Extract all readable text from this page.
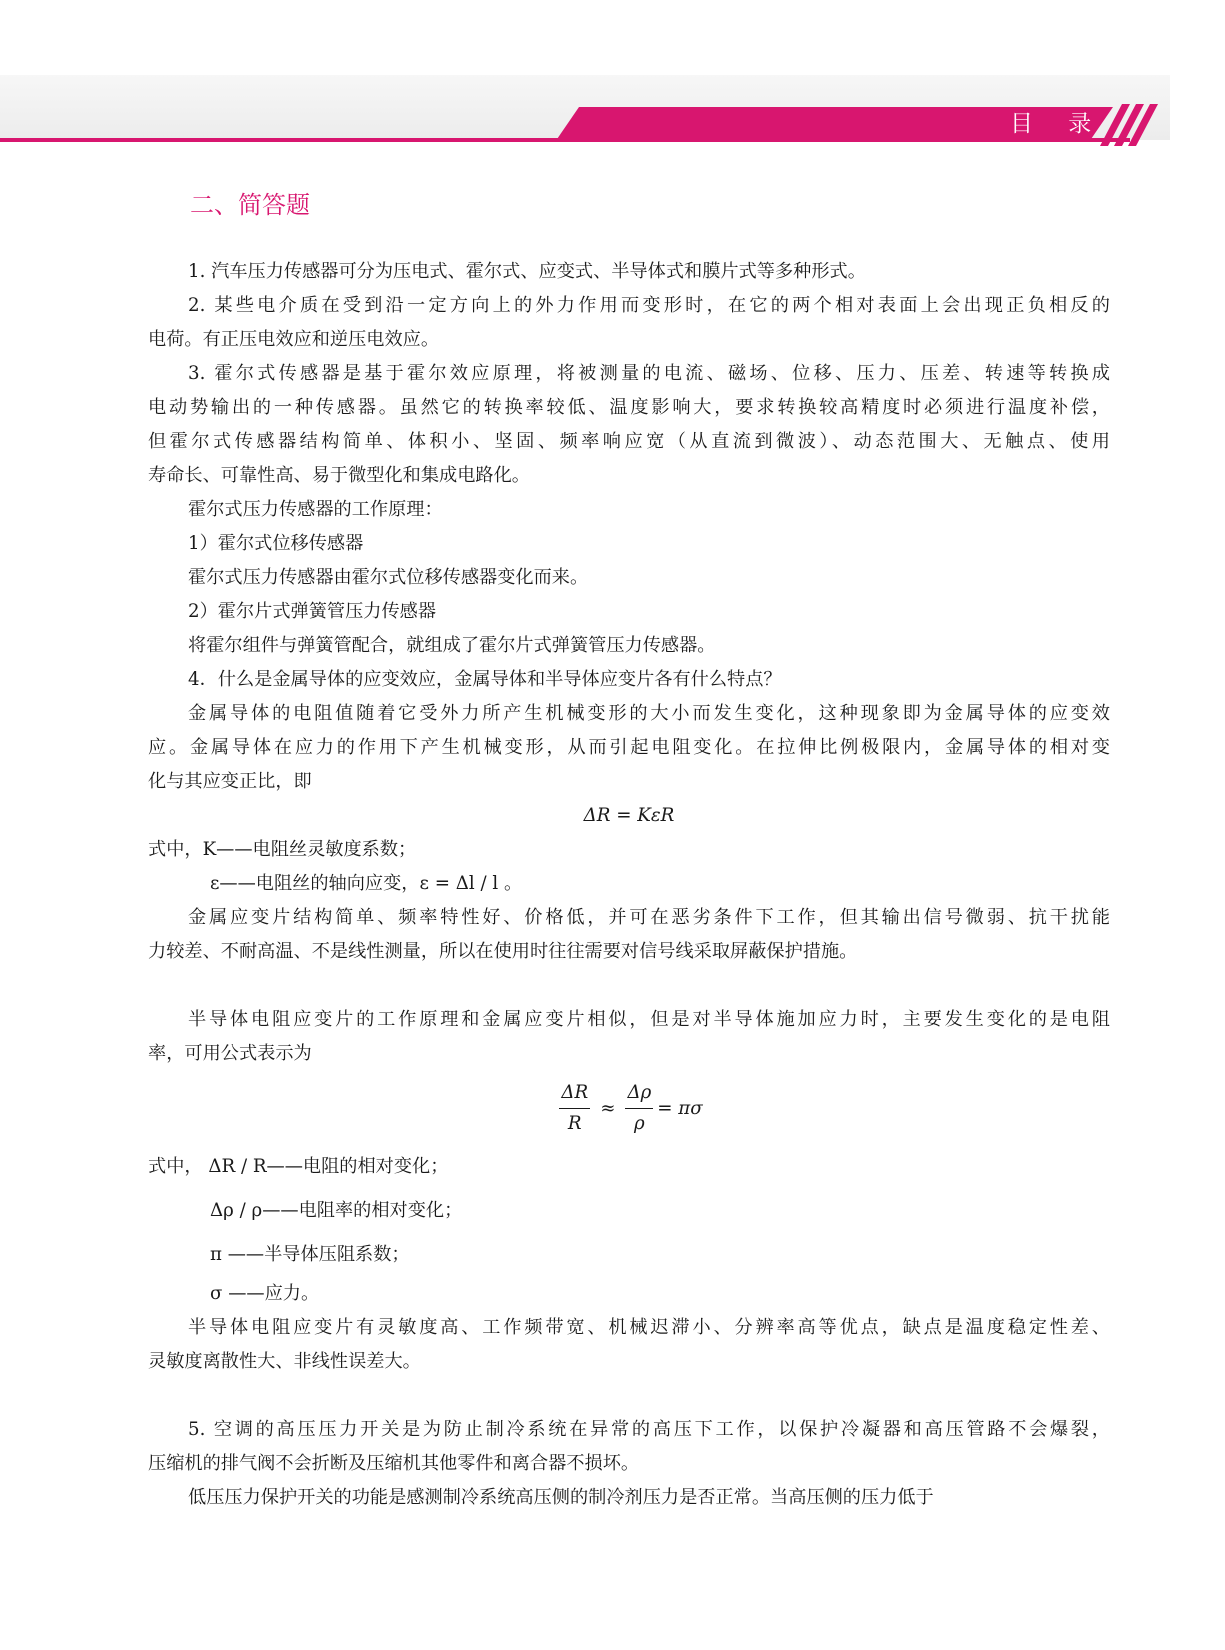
目 录
二、简答题
1. 汽车压力传感器可分为压电式、霍尔式、应变式、半导体式和膜片式等多种形式。
2. 某些电介质在受到沿一定方向上的外力作用而变形时，在它的两个相对表面上会出现正负相反的
电荷。有正压电效应和逆压电效应。
3. 霍尔式传感器是基于霍尔效应原理，将被测量的电流、磁场、位移、压力、压差、转速等转换成
电动势输出的一种传感器。虽然它的转换率较低、温度影响大，要求转换较高精度时必须进行温度补偿，
但霍尔式传感器结构简单、体积小、坚固、频率响应宽（从直流到微波）、动态范围大、无触点、使用
寿命长、可靠性高、易于微型化和集成电路化。
霍尔式压力传感器的工作原理：
1）霍尔式位移传感器
霍尔式压力传感器由霍尔式位移传感器变化而来。
2）霍尔片式弹簧管压力传感器
将霍尔组件与弹簧管配合，就组成了霍尔片式弹簧管压力传感器。
4．什么是金属导体的应变效应，金属导体和半导体应变片各有什么特点？
金属导体的电阻值随着它受外力所产生机械变形的大小而发生变化，这种现象即为金属导体的应变效
应。金属导体在应力的作用下产生机械变形，从而引起电阻变化。在拉伸比例极限内，金属导体的相对变
化与其应变正比，即
ΔR = KεR
式中，K——电阻丝灵敏度系数；
ε——电阻丝的轴向应变，ε = Δl / l 。
金属应变片结构简单、频率特性好、价格低，并可在恶劣条件下工作，但其输出信号微弱、抗干扰能
力较差、不耐高温、不是线性测量，所以在使用时往往需要对信号线采取屏蔽保护措施。
半导体电阻应变片的工作原理和金属应变片相似，但是对半导体施加应力时，主要发生变化的是电阻
率，可用公式表示为
$\frac{\Delta R}{R} \approx \frac{\Delta\rho}{\rho} = \pi\sigma$
式中， ΔR / R——电阻的相对变化；
Δρ / ρ——电阻率的相对变化；
π ——半导体压阻系数；
σ ——应力。
半导体电阻应变片有灵敏度高、工作频带宽、机械迟滞小、分辨率高等优点，缺点是温度稳定性差、
灵敏度离散性大、非线性误差大。
5. 空调的高压压力开关是为防止制冷系统在异常的高压下工作，以保护冷凝器和高压管路不会爆裂，
压缩机的排气阀不会折断及压缩机其他零件和离合器不损坏。
低压压力保护开关的功能是感测制冷系统高压侧的制冷剂压力是否正常。当高压侧的压力低于
